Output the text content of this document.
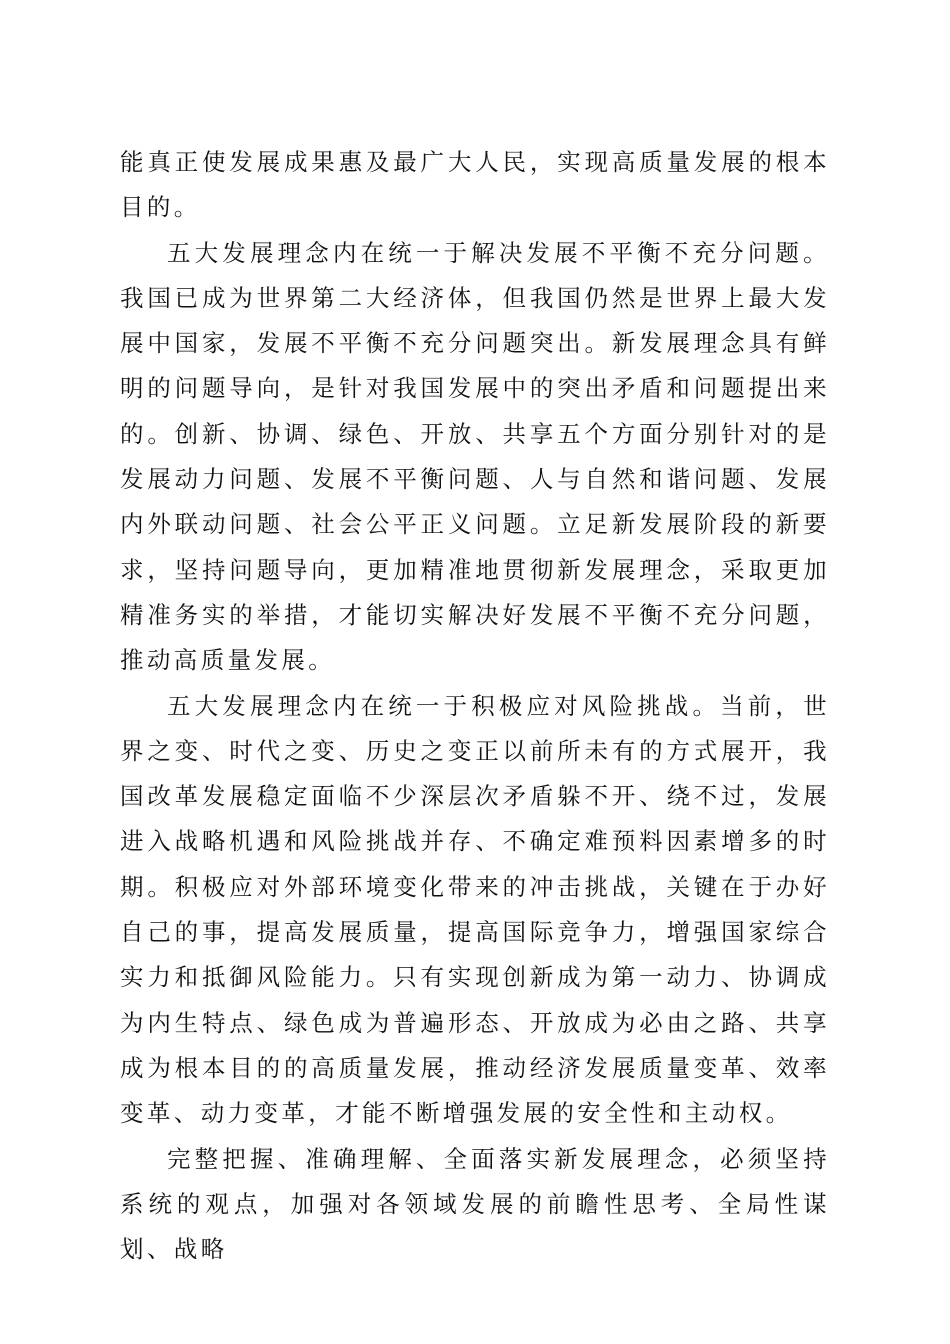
能真正使发展成果惠及最广大人民，实现高质量发展的根本目的。

五大发展理念内在统一于解决发展不平衡不充分问题。我国已成为世界第二大经济体，但我国仍然是世界上最大发展中国家，发展不平衡不充分问题突出。新发展理念具有鲜明的问题导向，是针对我国发展中的突出矛盾和问题提出来的。创新、协调、绿色、开放、共享五个方面分别针对的是发展动力问题、发展不平衡问题、人与自然和谐问题、发展内外联动问题、社会公平正义问题。立足新发展阶段的新要求，坚持问题导向，更加精准地贯彻新发展理念，采取更加精准务实的举措，才能切实解决好发展不平衡不充分问题，推动高质量发展。

五大发展理念内在统一于积极应对风险挑战。当前，世界之变、时代之变、历史之变正以前所未有的方式展开，我国改革发展稳定面临不少深层次矛盾躲不开、绕不过，发展进入战略机遇和风险挑战并存、不确定难预料因素增多的时期。积极应对外部环境变化带来的冲击挑战，关键在于办好自己的事，提高发展质量，提高国际竞争力，增强国家综合实力和抵御风险能力。只有实现创新成为第一动力、协调成为内生特点、绿色成为普遍形态、开放成为必由之路、共享成为根本目的的高质量发展，推动经济发展质量变革、效率变革、动力变革，才能不断增强发展的安全性和主动权。

完整把握、准确理解、全面落实新发展理念，必须坚持系统的观点，加强对各领域发展的前瞻性思考、全局性谋划、战略
